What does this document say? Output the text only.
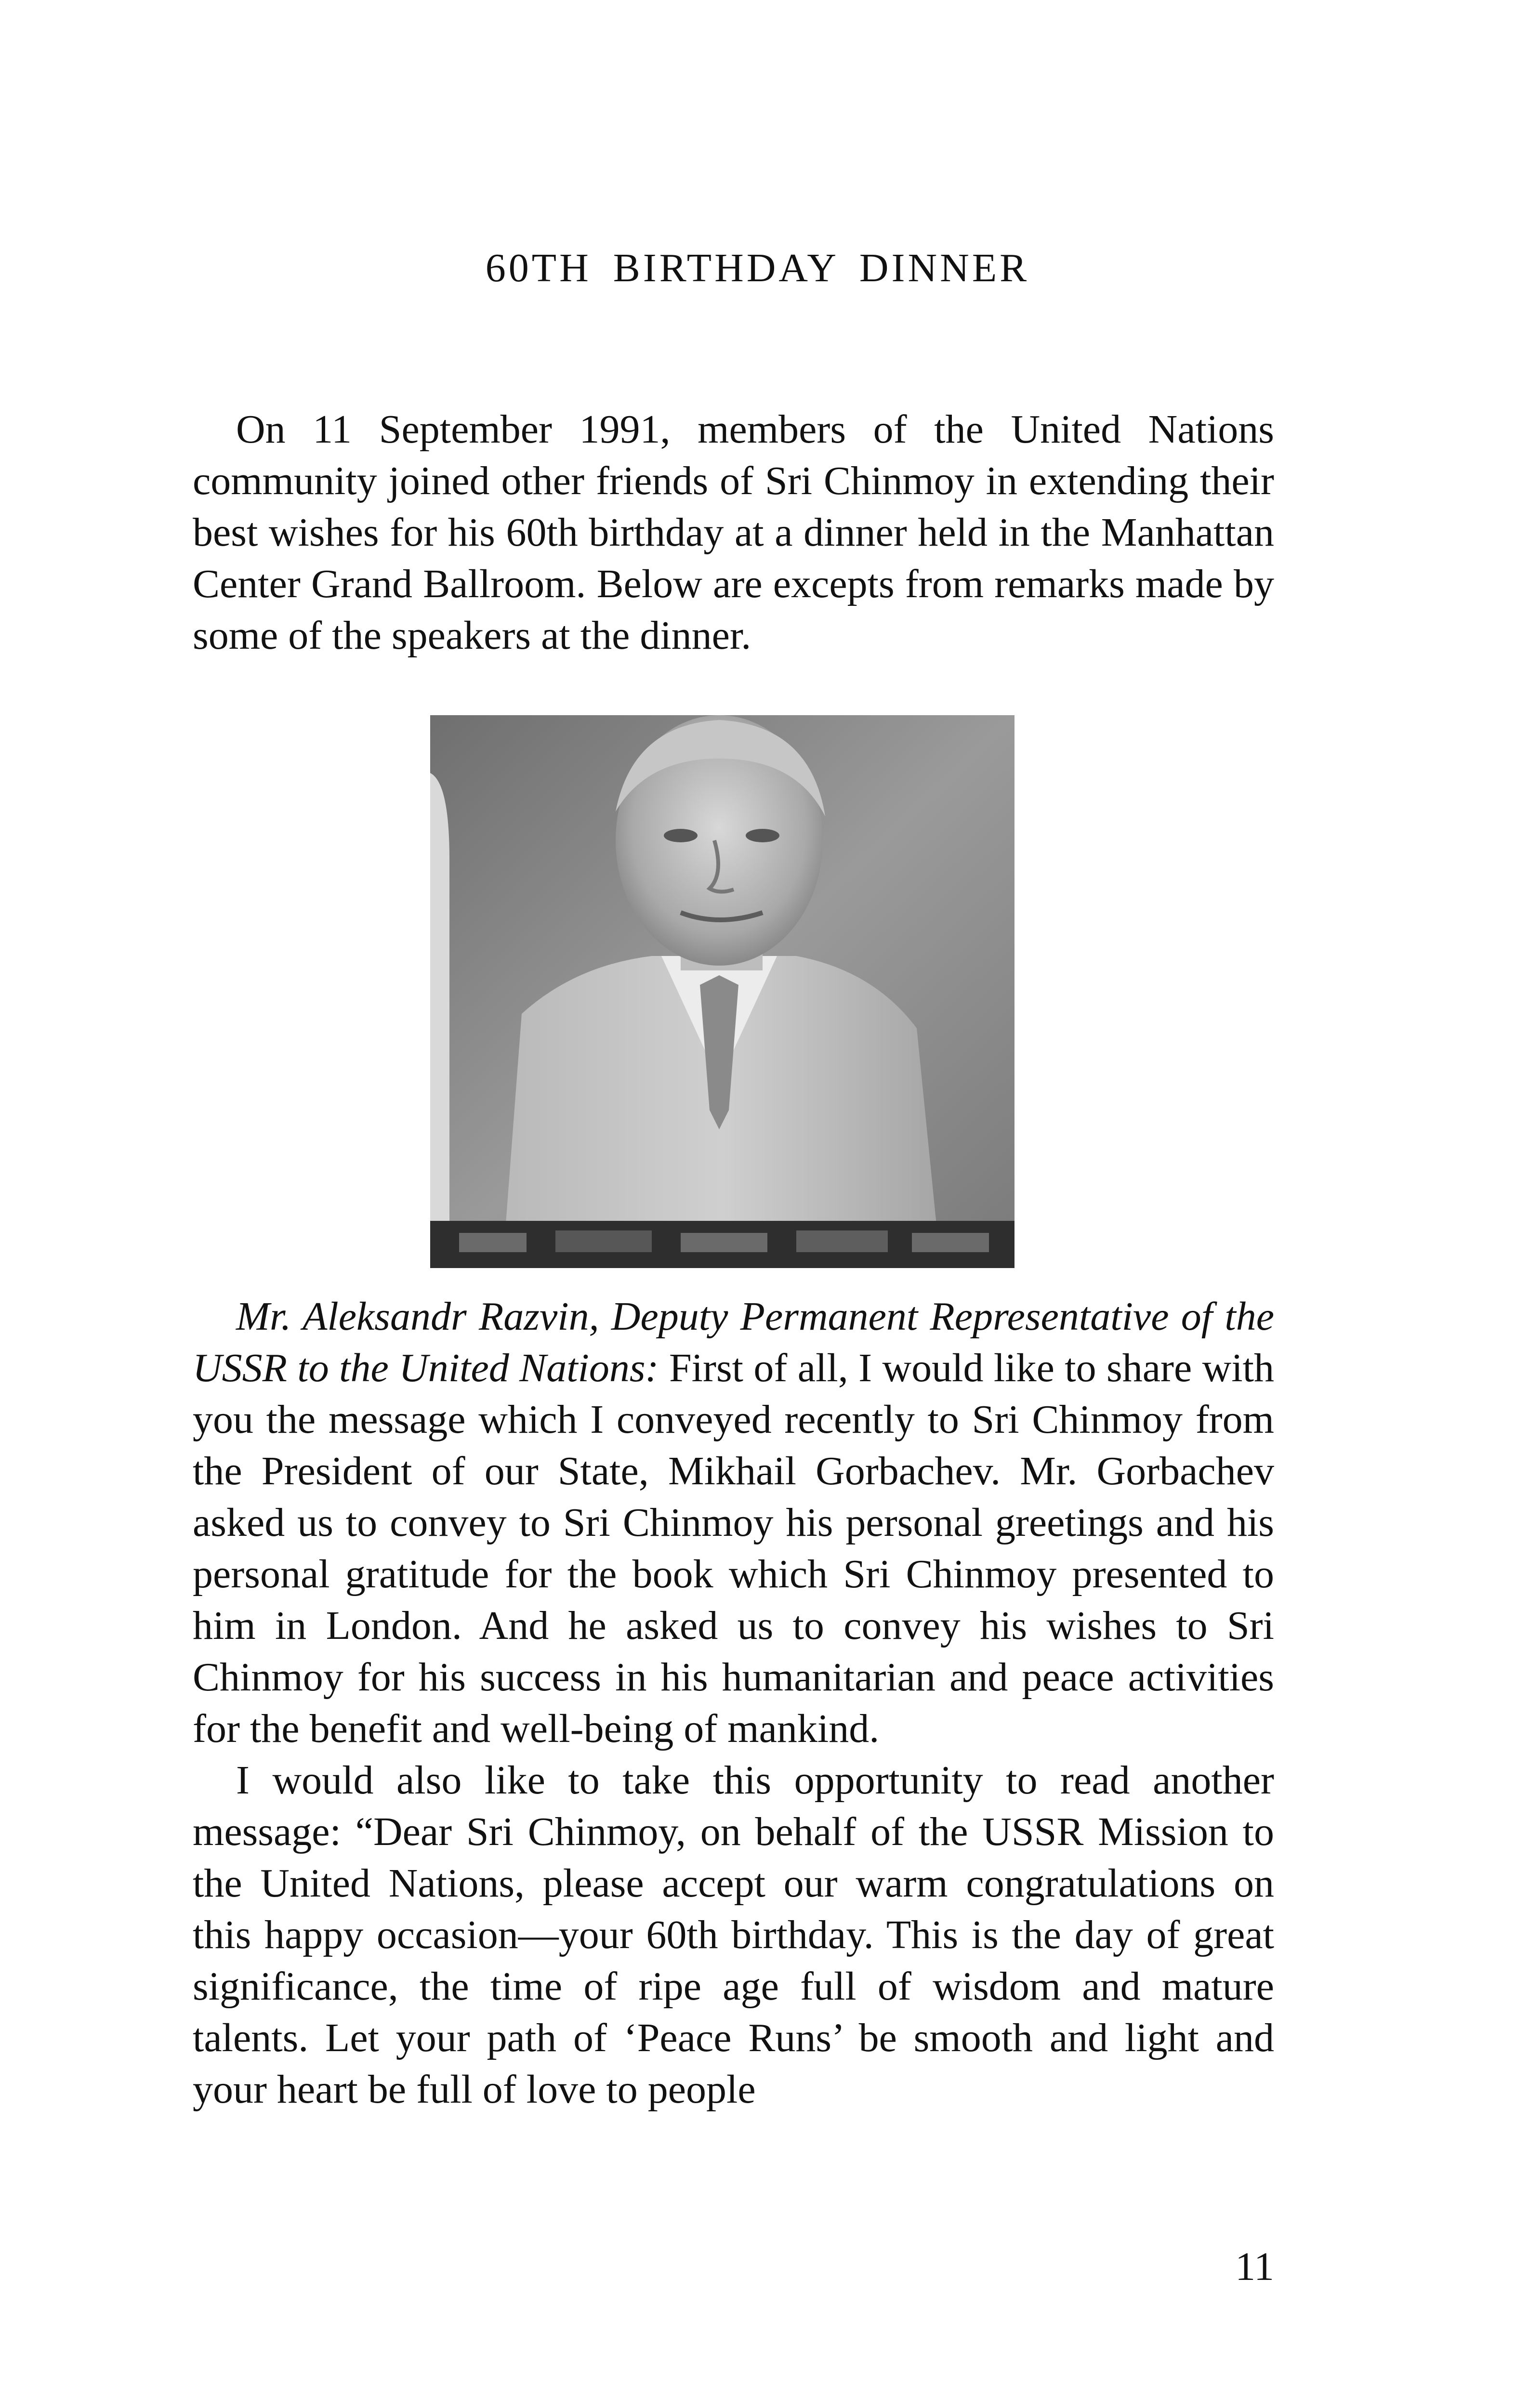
60TH BIRTHDAY DINNER
On 11 September 1991, members of the United Nations community joined other friends of Sri Chinmoy in extending their best wishes for his 60th birthday at a dinner held in the Manhattan Center Grand Ballroom. Below are excepts from remarks made by some of the speakers at the dinner.

Mr. Aleksandr Razvin, Deputy Permanent Representative of the USSR to the United Nations: First of all, I would like to share with you the message which I conveyed recently to Sri Chinmoy from the President of our State, Mikhail Gorbachev. Mr. Gorbachev asked us to convey to Sri Chinmoy his personal greetings and his personal gratitude for the book which Sri Chinmoy presented to him in London. And he asked us to convey his wishes to Sri Chinmoy for his success in his humanitarian and peace activities for the benefit and well-being of mankind.

I would also like to take this opportunity to read another message: “Dear Sri Chinmoy, on behalf of the USSR Mission to the United Nations, please accept our warm congratulations on this happy occasion—your 60th birthday. This is the day of great significance, the time of ripe age full of wisdom and mature talents. Let your path of ‘Peace Runs’ be smooth and light and your heart be full of love to people

11
